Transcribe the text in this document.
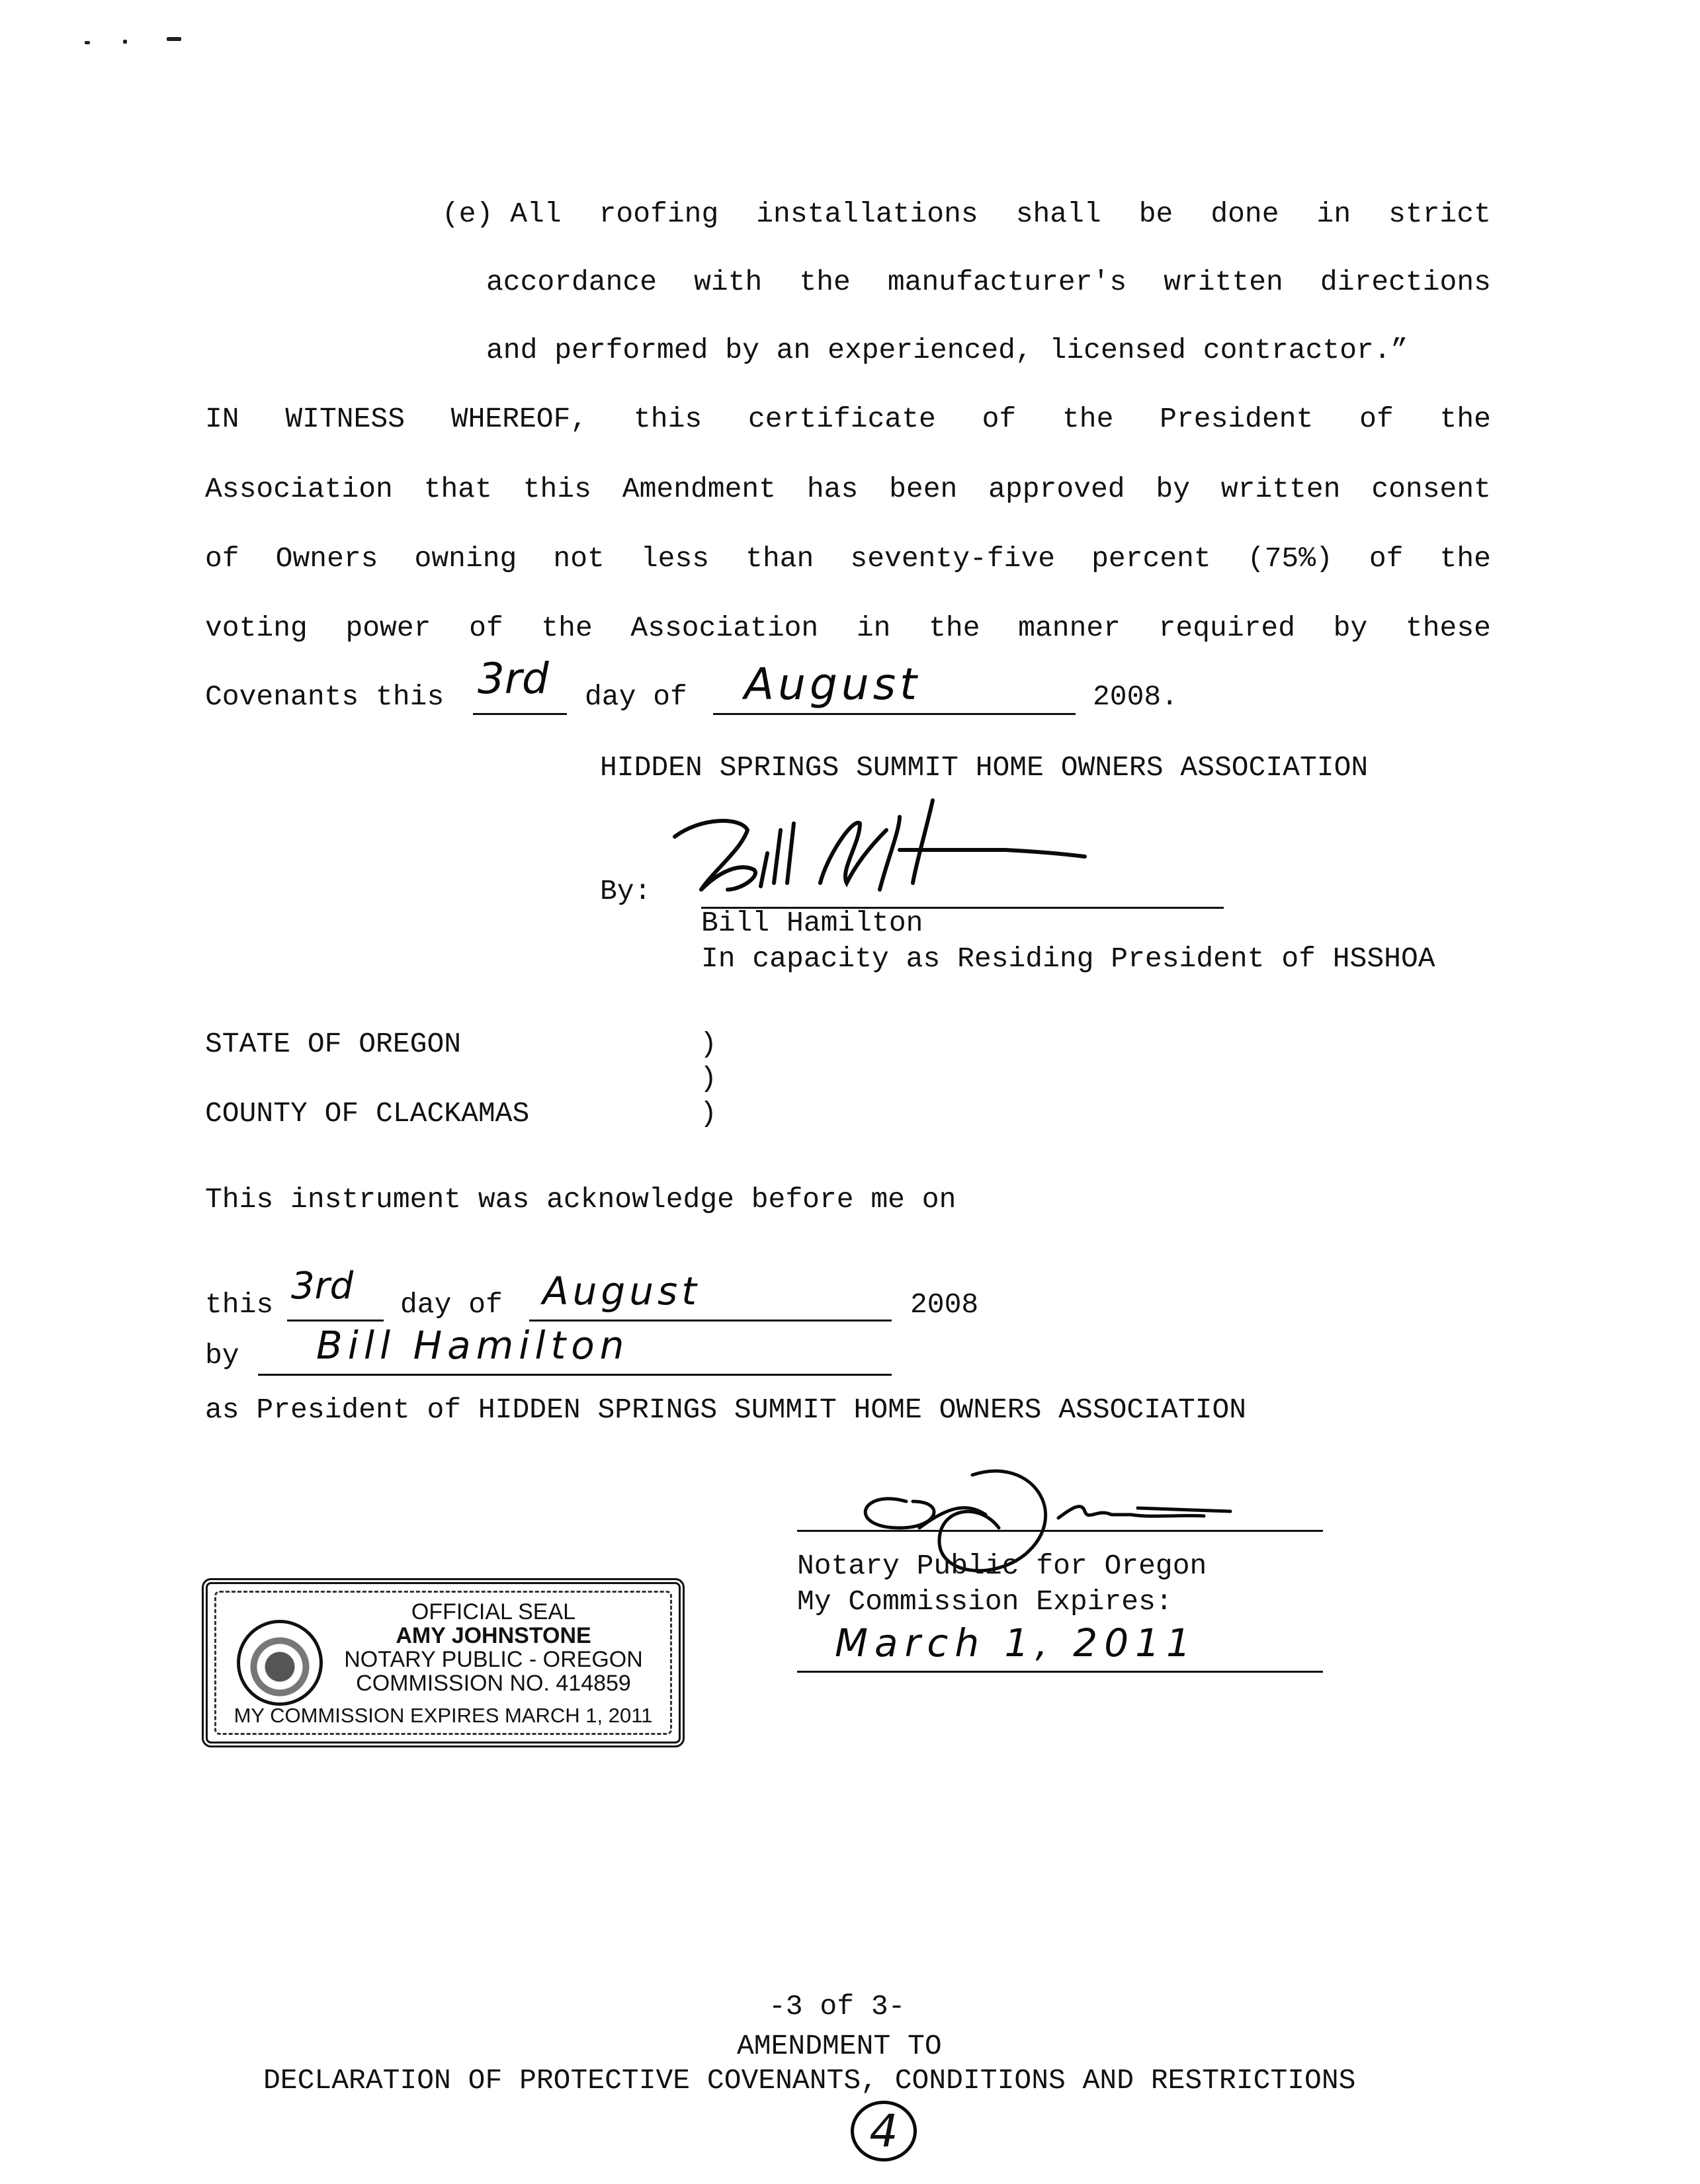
(e) All roofing installations shall be done in strict
accordance with the manufacturer's written directions
and performed by an experienced, licensed contractor.”
IN WITNESS WHEREOF, this certificate of the President of the
Association that this Amendment has been approved by written consent
of Owners owning not less than seventy-five percent (75%) of the
voting power of the Association in the manner required by these
Covenants this 3rd day of August	2008.
HIDDEN SPRINGS SUMMIT HOME OWNERS ASSOCIATION
By:
Bill Hamilton
In capacity as Residing President of HSSHOA
STATE OF OREGON	)
)
COUNTY OF CLACKAMAS	)
This instrument was acknowledge before me on
this 3rd day of August	2008
by Bill Hamilton
as President of HIDDEN SPRINGS SUMMIT HOME OWNERS ASSOCIATION
Notary Public for Oregon
My Commission Expires:
March 1, 2011
OFFICIAL SEAL
AMY JOHNSTONE
NOTARY PUBLIC - OREGON
COMMISSION NO. 414859
MY COMMISSION EXPIRES MARCH 1, 2011
-3 of 3-
AMENDMENT TO
DECLARATION OF PROTECTIVE COVENANTS, CONDITIONS AND RESTRICTIONS
4
